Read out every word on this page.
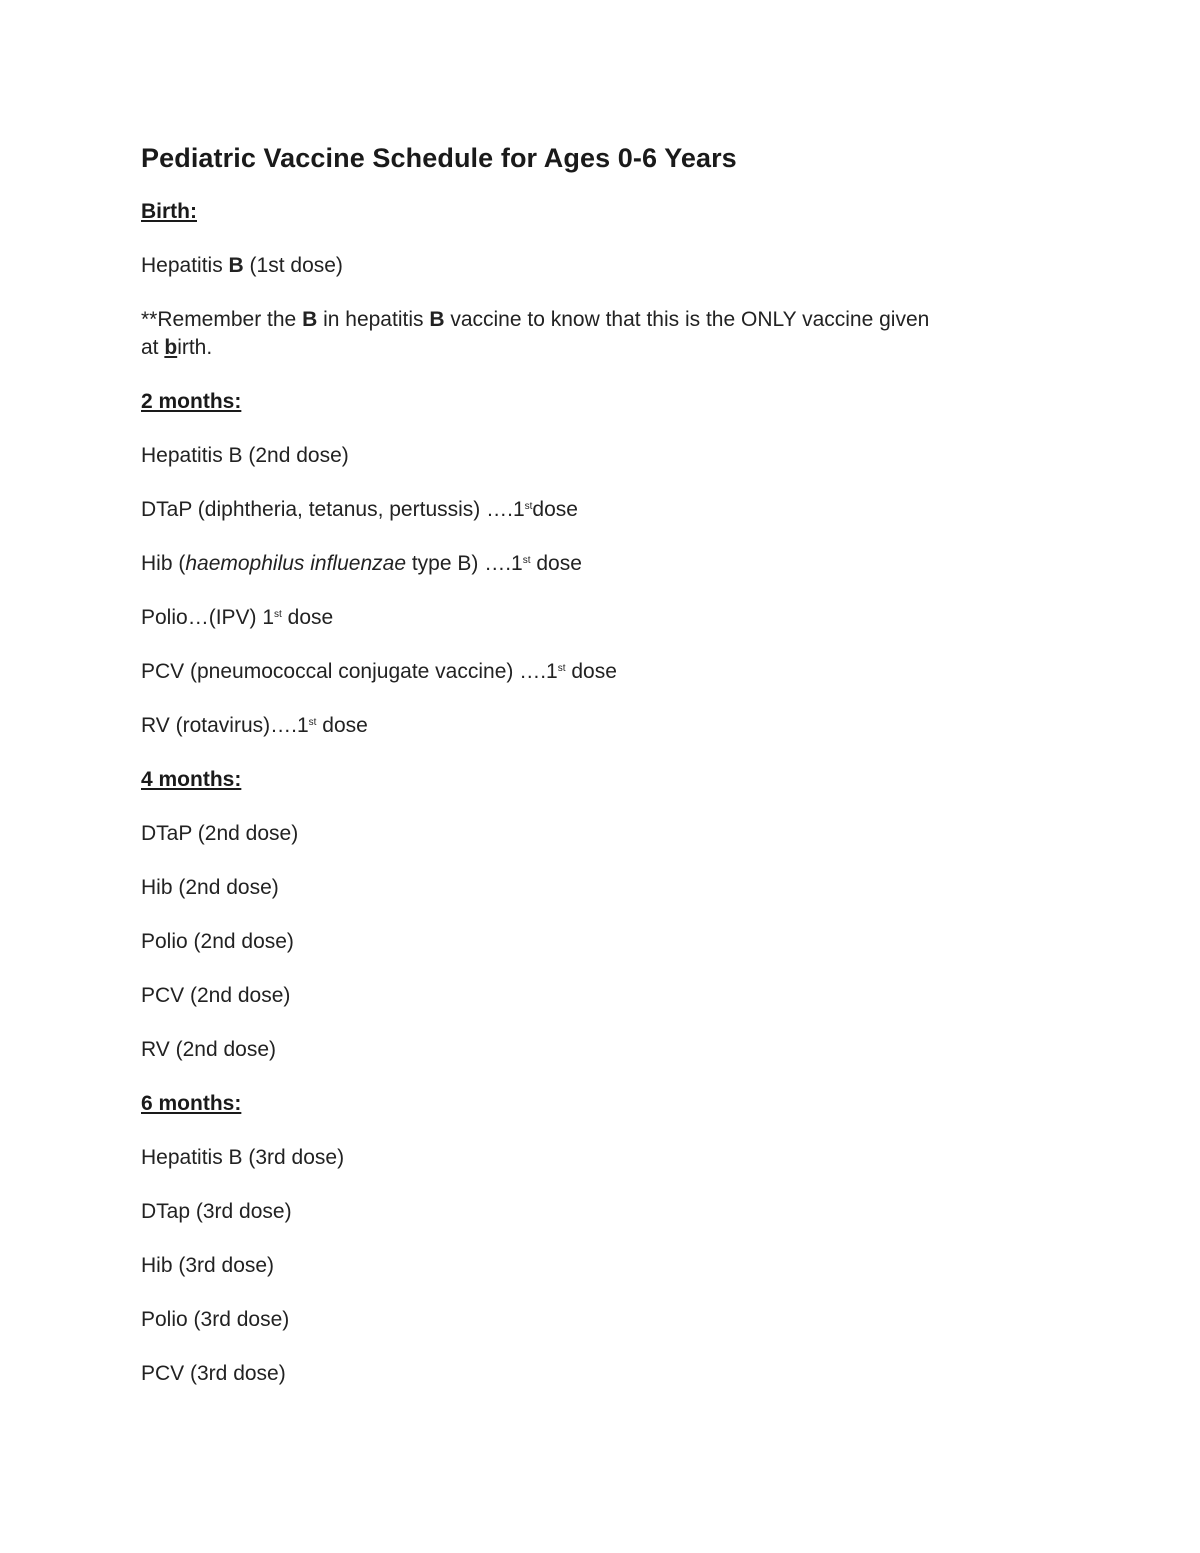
Pediatric Vaccine Schedule for Ages 0-6 Years

Birth:

Hepatitis B (1st dose)

**Remember the B in hepatitis B vaccine to know that this is the ONLY vaccine given
at birth.

2 months:

Hepatitis B (2nd dose)

DTaP (diphtheria, tetanus, pertussis) ….1stdose

Hib (haemophilus influenzae type B) ….1st dose

Polio…(IPV) 1st dose

PCV (pneumococcal conjugate vaccine) ….1st dose

RV (rotavirus)….1st dose

4 months:

DTaP (2nd dose)

Hib (2nd dose)

Polio (2nd dose)

PCV (2nd dose)

RV (2nd dose)

6 months:

Hepatitis B (3rd dose)

DTap (3rd dose)

Hib (3rd dose)

Polio (3rd dose)

PCV (3rd dose)
